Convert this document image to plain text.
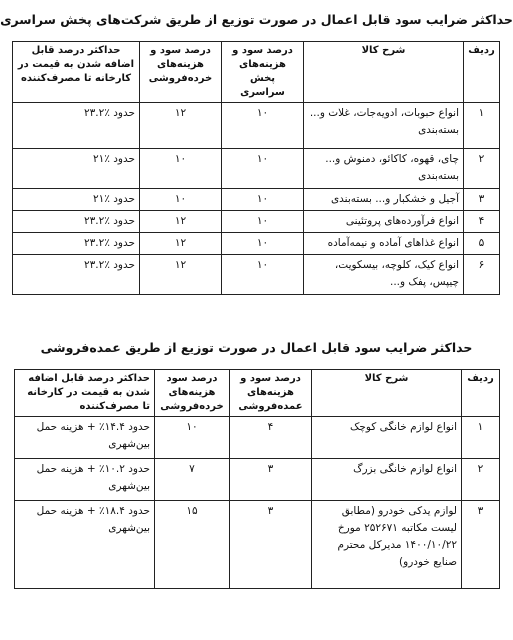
حداکثر ضرایب سود قابل اعمال در صورت توزیع از طریق شرکت‌های پخش سراسری
ردیف	شرح کالا	درصد سود و هزینه‌های پخش سراسری	درصد سود و هزینه‌های خرده‌فروشی	حداکثر درصد قابل اضافه شدن به قیمت در کارخانه تا مصرف‌کننده
۱	انواع حبوبات، ادویه‌جات، غلات و... بسته‌بندی	۱۰	۱۲	حدود ٪۲۳.۲
۲	چای، قهوه، کاکائو، دمنوش و... بسته‌بندی	۱۰	۱۰	حدود ٪۲۱
۳	آجیل و خشکبار و... بسته‌بندی	۱۰	۱۰	حدود ٪۲۱
۴	انواع فرآورده‌های پروتئینی	۱۰	۱۲	حدود ٪۲۳.۲
۵	انواع غذاهای آماده و نیمه‌آماده	۱۰	۱۲	حدود ٪۲۳.۲
۶	انواع کیک، کلوچه، بیسکویت، چیپس، پفک و...	۱۰	۱۲	حدود ٪۲۳.۲
حداکثر ضرایب سود قابل اعمال در صورت توزیع از طریق عمده‌فروشی
ردیف	شرح کالا	درصد سود و هزینه‌های عمده‌فروشی	درصد سود هزینه‌های خرده‌فروشی	حداکثر درصد قابل اضافه شدن به قیمت در کارخانه تا مصرف‌کننده
۱	انواع لوازم خانگی کوچک	۴	۱۰	حدود ۱۴.۴٪ + هزینه حمل بین‌شهری
۲	انواع لوازم خانگی بزرگ	۳	۷	حدود ۱۰.۲٪ + هزینه حمل بین‌شهری
۳	لوازم یدکی خودرو (مطابق لیست مکاتبه ۲۵۲۶۷۱ مورخ ۱۴۰۰/۱۰/۲۲ مدیرکل محترم صنایع خودرو)	۳	۱۵	حدود ۱۸.۴٪ + هزینه حمل بین‌شهری
